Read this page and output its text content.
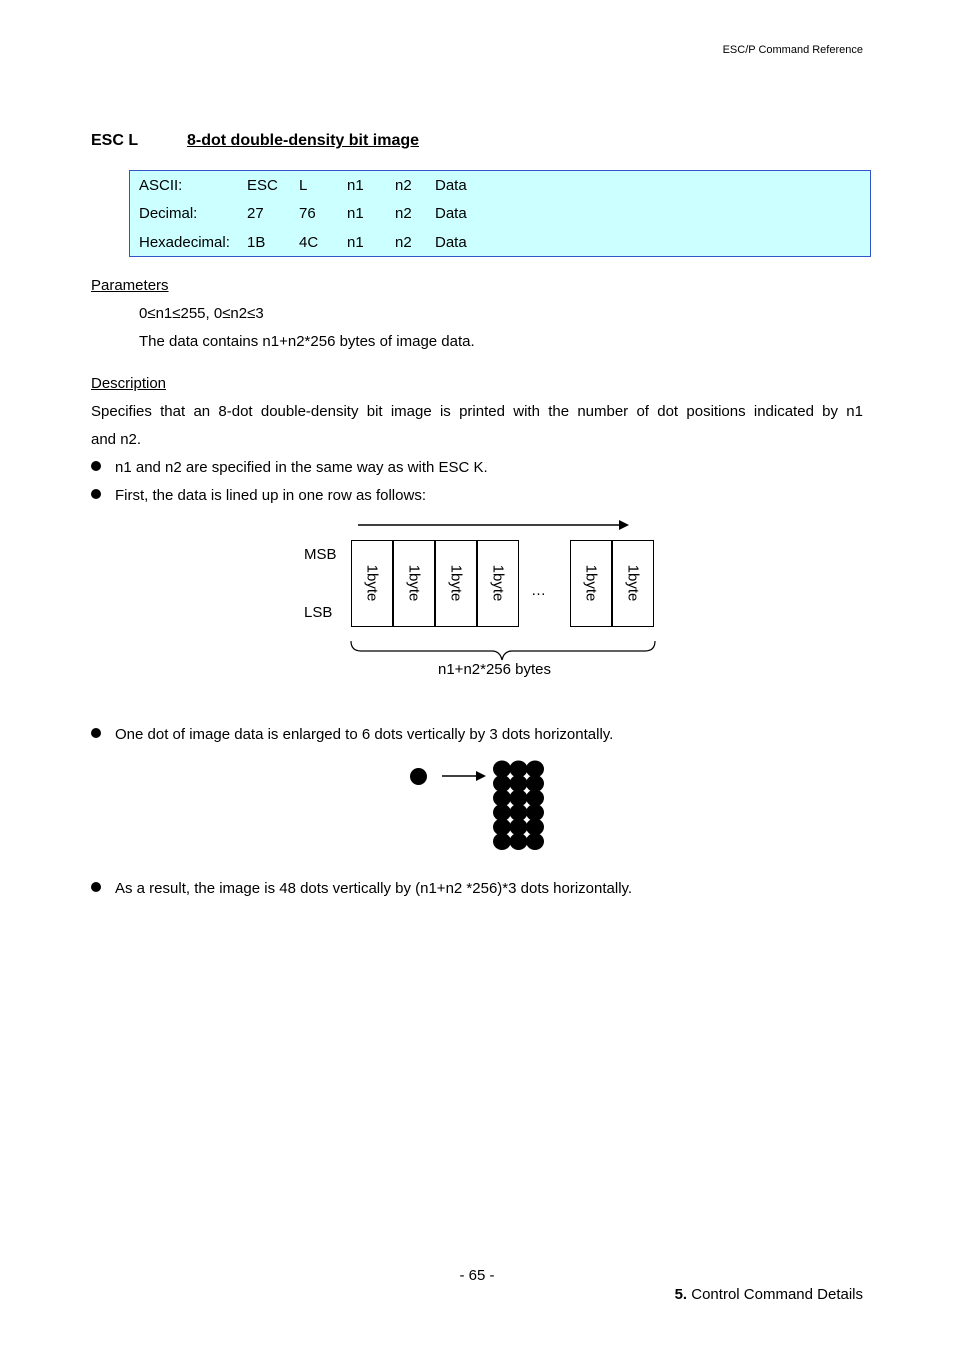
ESC/P Command Reference
ESC L	8-dot double-density bit image
ASCII:	ESC L	n1 n2 Data
Decimal:	27 76 n1 n2 Data
Hexadecimal: 1B 4C n1 n2 Data
Parameters
0≤n1≤255, 0≤n2≤3
The data contains n1+n2*256 bytes of image data.
Description
Specifies that an 8-dot double-density bit image is printed with the number of dot positions indicated by n1
and n2.
n1 and n2 are specified in the same way as with ESC K.
First, the data is lined up in one row as follows:
MSB
LSB
1byte 1byte 1byte 1byte … 1byte 1byte
n1+n2*256 bytes
One dot of image data is enlarged to 6 dots vertically by 3 dots horizontally.
As a result, the image is 48 dots vertically by (n1+n2 *256)*3 dots horizontally.
- 65 -
5. Control Command Details
